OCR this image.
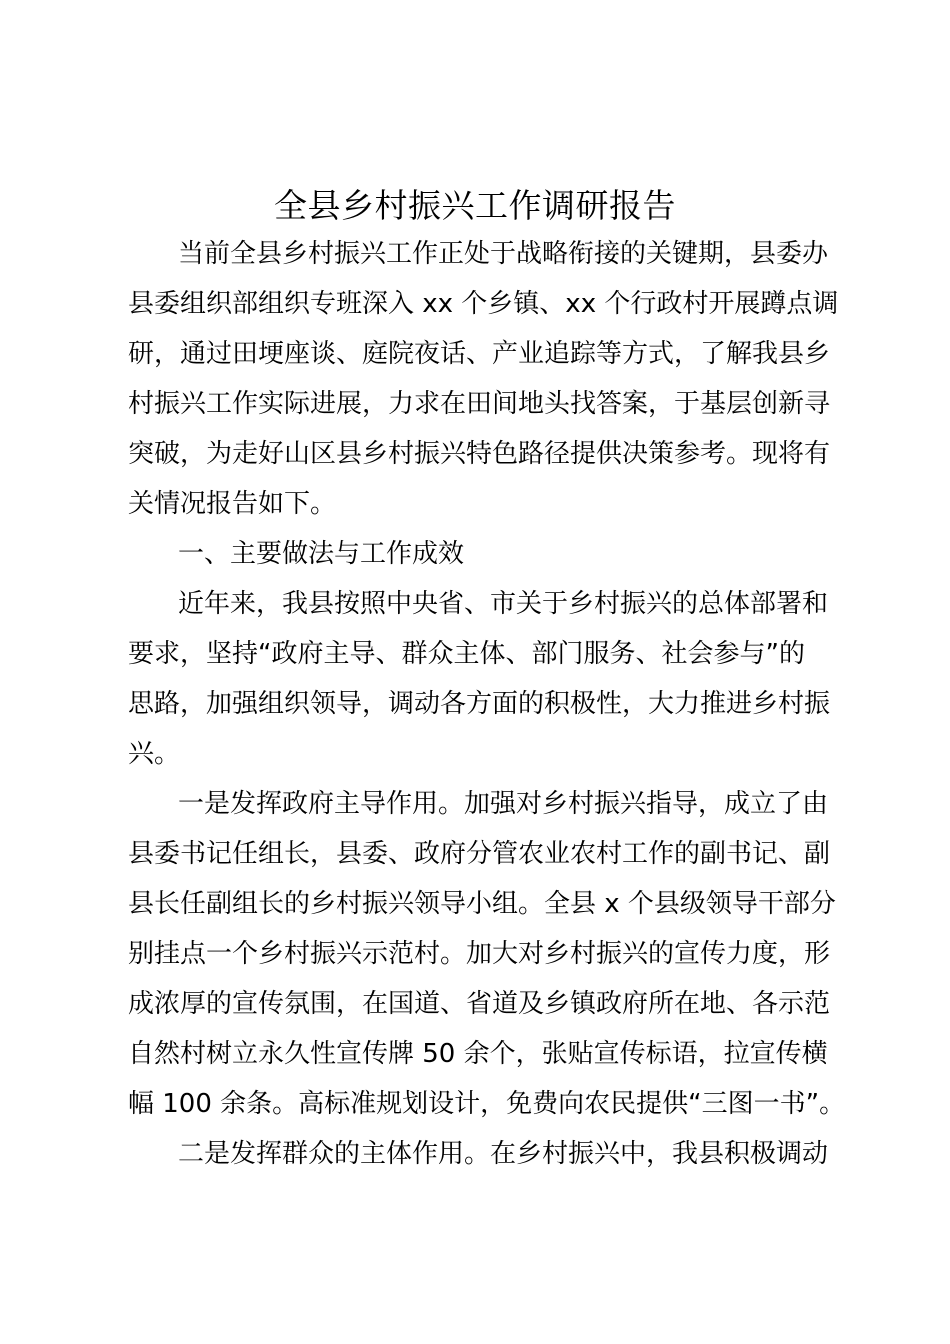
全县乡村振兴工作调研报告
当前全县乡村振兴工作正处于战略衔接的关键期，县委办
县委组织部组织专班深入 xx 个乡镇、xx 个行政村开展蹲点调
研，通过田埂座谈、庭院夜话、产业追踪等方式，了解我县乡
村振兴工作实际进展，力求在田间地头找答案，于基层创新寻
突破，为走好山区县乡村振兴特色路径提供决策参考。现将有
关情况报告如下。
一、主要做法与工作成效
近年来，我县按照中央省、市关于乡村振兴的总体部署和
要求，坚持“政府主导、群众主体、部门服务、社会参与”的
思路，加强组织领导，调动各方面的积极性，大力推进乡村振
兴。
一是发挥政府主导作用。加强对乡村振兴指导，成立了由
县委书记任组长，县委、政府分管农业农村工作的副书记、副
县长任副组长的乡村振兴领导小组。全县 x 个县级领导干部分
别挂点一个乡村振兴示范村。加大对乡村振兴的宣传力度，形
成浓厚的宣传氛围，在国道、省道及乡镇政府所在地、各示范
自然村树立永久性宣传牌 50 余个，张贴宣传标语，拉宣传横
幅 100 余条。高标准规划设计，免费向农民提供“三图一书”。
二是发挥群众的主体作用。在乡村振兴中，我县积极调动
